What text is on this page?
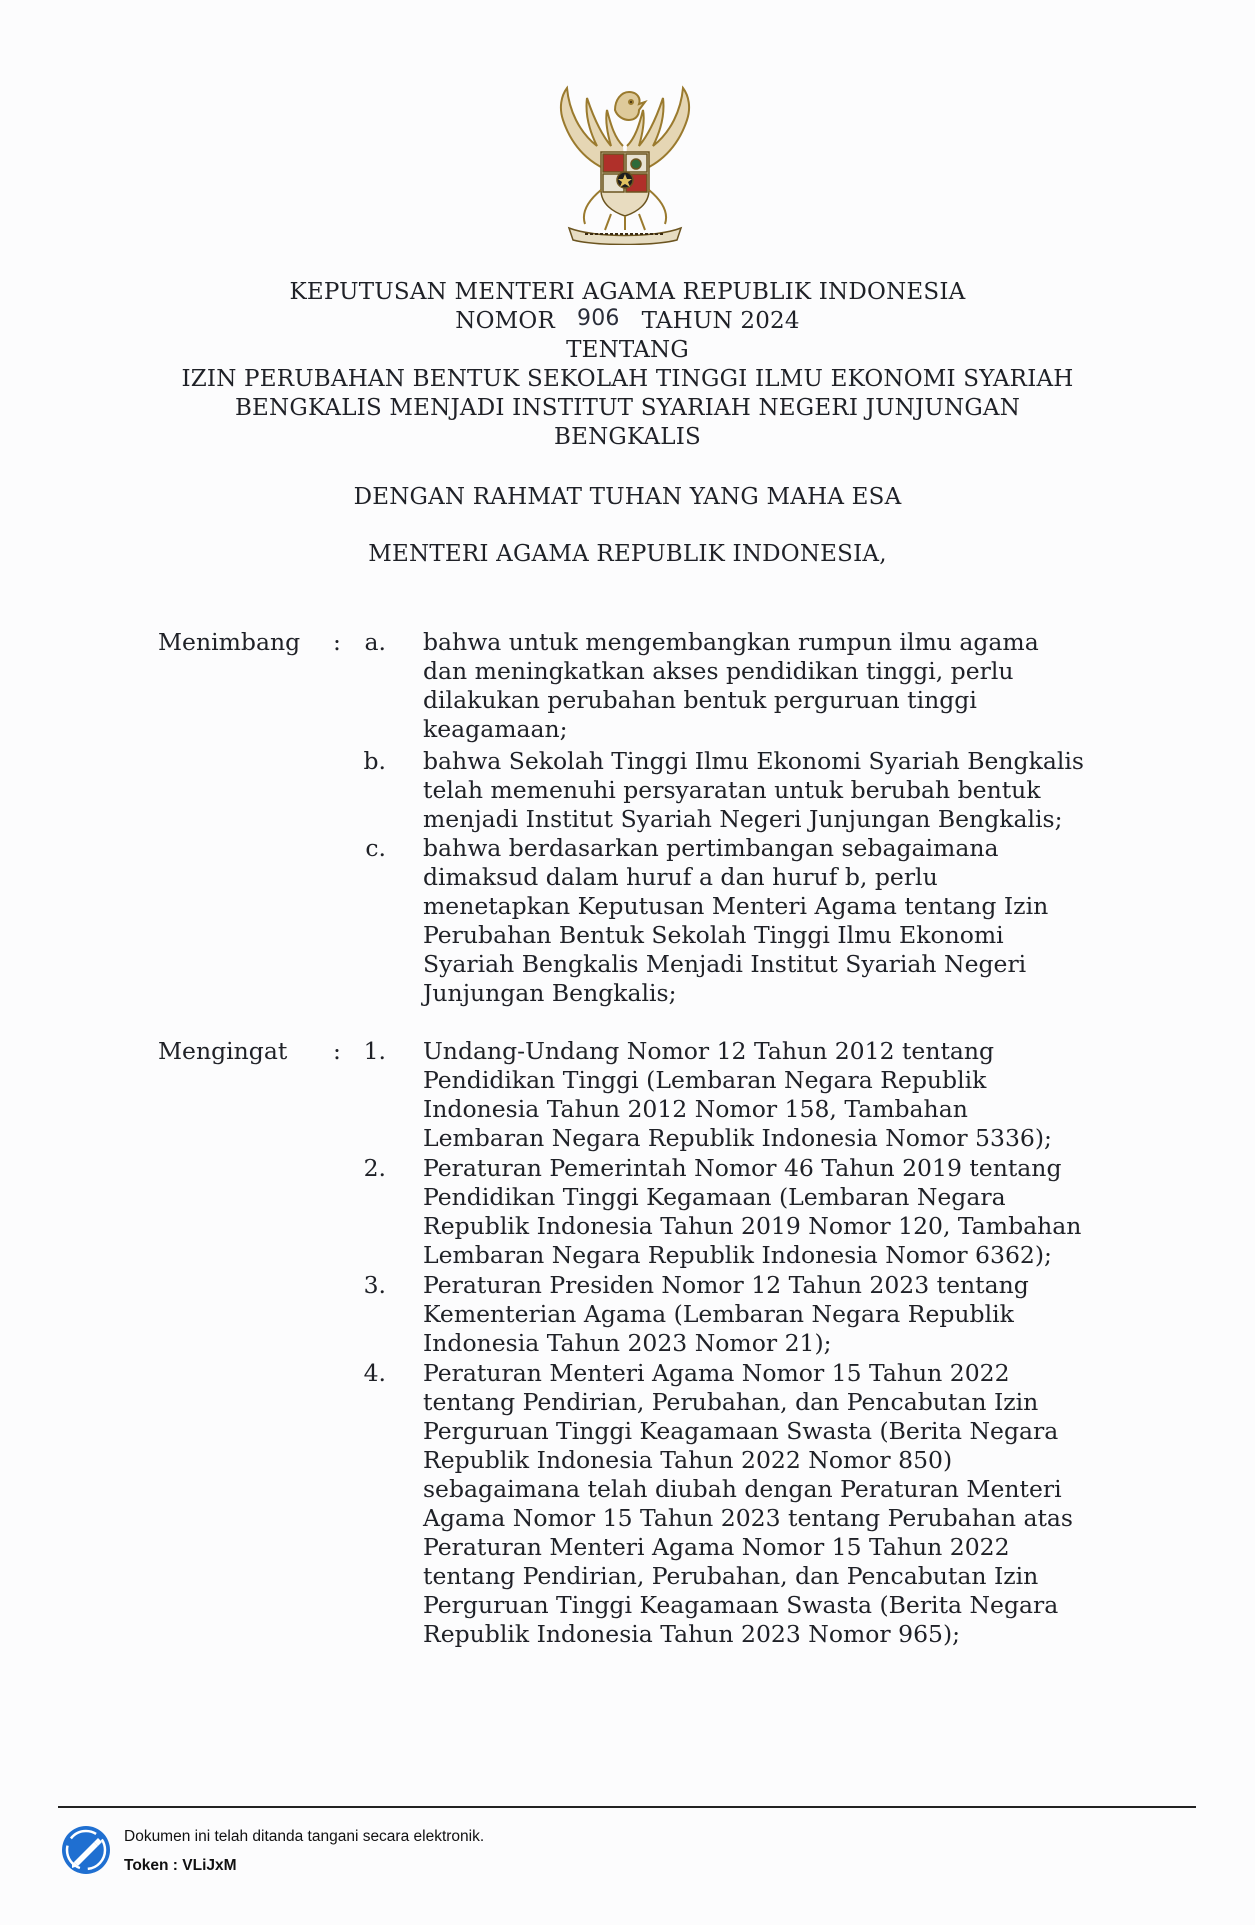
KEPUTUSAN MENTERI AGAMA REPUBLIK INDONESIA
NOMOR 906 TAHUN 2024
TENTANG
IZIN PERUBAHAN BENTUK SEKOLAH TINGGI ILMU EKONOMI SYARIAH
BENGKALIS MENJADI INSTITUT SYARIAH NEGERI JUNJUNGAN
BENGKALIS
DENGAN RAHMAT TUHAN YANG MAHA ESA
MENTERI AGAMA REPUBLIK INDONESIA,
Menimbang : a. bahwa untuk mengembangkan rumpun ilmu agama
dan meningkatkan akses pendidikan tinggi, perlu
dilakukan perubahan bentuk perguruan tinggi
keagamaan;
b. bahwa Sekolah Tinggi Ilmu Ekonomi Syariah Bengkalis
telah memenuhi persyaratan untuk berubah bentuk
menjadi Institut Syariah Negeri Junjungan Bengkalis;
c. bahwa berdasarkan pertimbangan sebagaimana
dimaksud dalam huruf a dan huruf b, perlu
menetapkan Keputusan Menteri Agama tentang Izin
Perubahan Bentuk Sekolah Tinggi Ilmu Ekonomi
Syariah Bengkalis Menjadi Institut Syariah Negeri
Junjungan Bengkalis;
Mengingat : 1. Undang-Undang Nomor 12 Tahun 2012 tentang
Pendidikan Tinggi (Lembaran Negara Republik
Indonesia Tahun 2012 Nomor 158, Tambahan
Lembaran Negara Republik Indonesia Nomor 5336);
2. Peraturan Pemerintah Nomor 46 Tahun 2019 tentang
Pendidikan Tinggi Kegamaan (Lembaran Negara
Republik Indonesia Tahun 2019 Nomor 120, Tambahan
Lembaran Negara Republik Indonesia Nomor 6362);
3. Peraturan Presiden Nomor 12 Tahun 2023 tentang
Kementerian Agama (Lembaran Negara Republik
Indonesia Tahun 2023 Nomor 21);
4. Peraturan Menteri Agama Nomor 15 Tahun 2022
tentang Pendirian, Perubahan, dan Pencabutan Izin
Perguruan Tinggi Keagamaan Swasta (Berita Negara
Republik Indonesia Tahun 2022 Nomor 850)
sebagaimana telah diubah dengan Peraturan Menteri
Agama Nomor 15 Tahun 2023 tentang Perubahan atas
Peraturan Menteri Agama Nomor 15 Tahun 2022
tentang Pendirian, Perubahan, dan Pencabutan Izin
Perguruan Tinggi Keagamaan Swasta (Berita Negara
Republik Indonesia Tahun 2023 Nomor 965);
Dokumen ini telah ditanda tangani secara elektronik.
Token : VLiJxM
